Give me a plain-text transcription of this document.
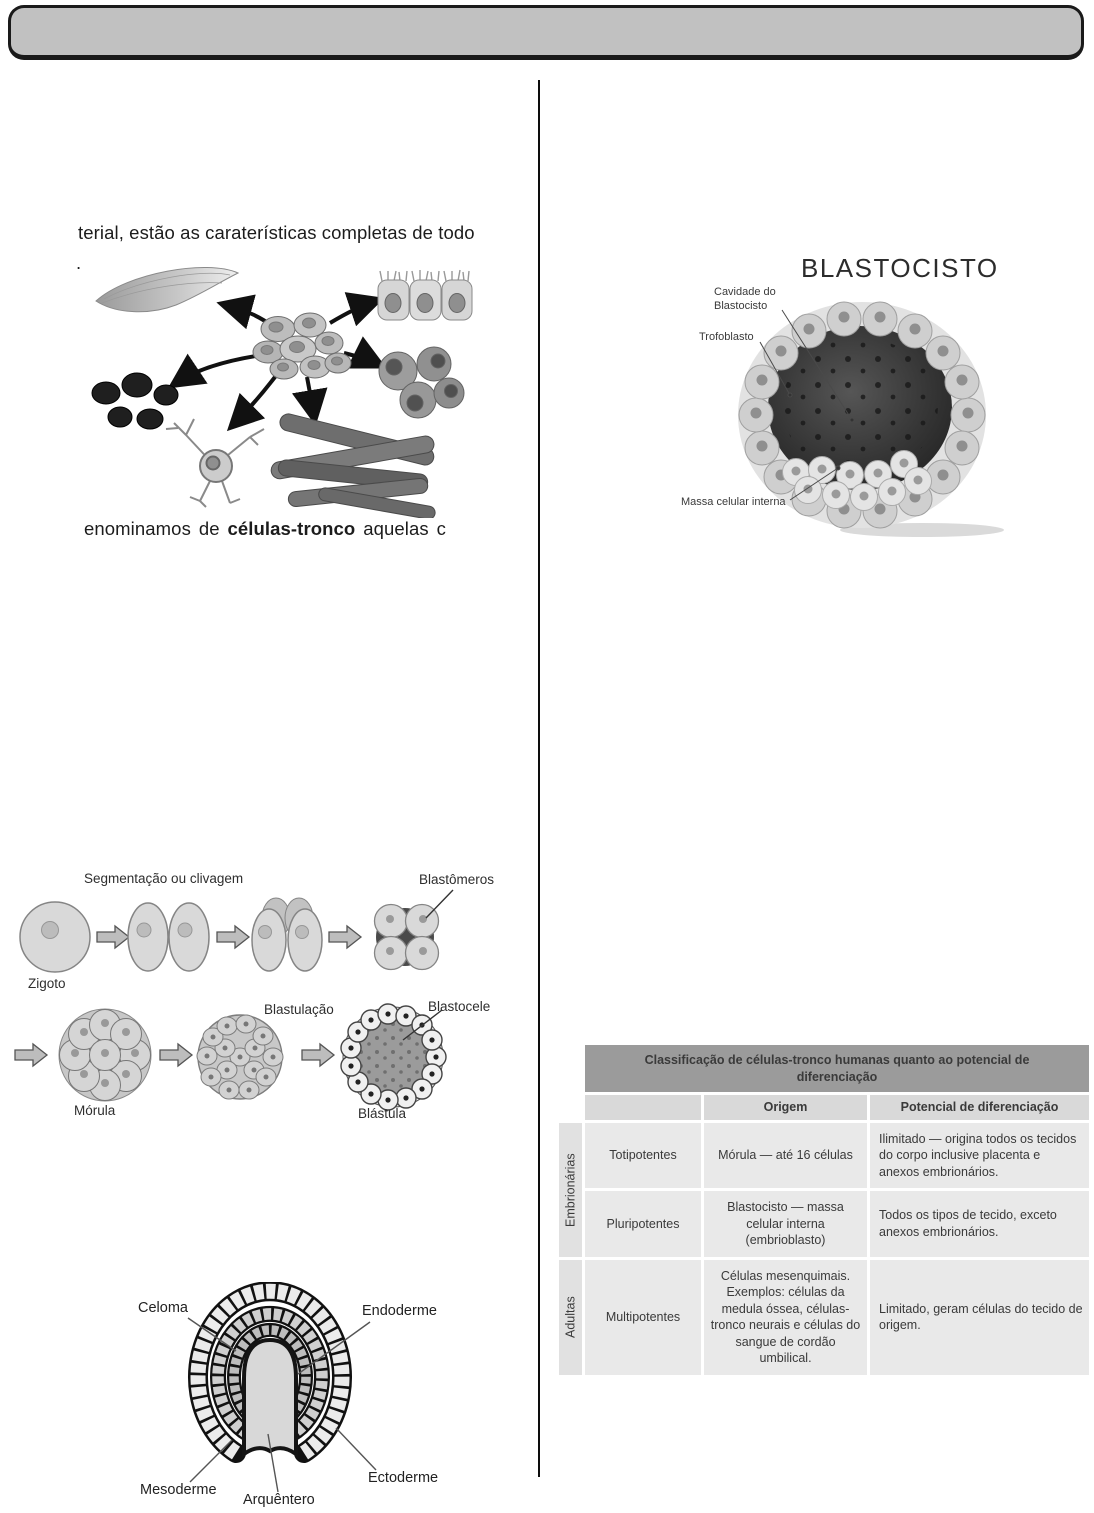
terial, estão as caraterísticas completas de todo
.
enominamos de células-tronco aquelas c
BLASTOCISTO
Cavidade do
Blastocisto
Trofoblasto
Massa celular interna
Segmentação ou clivagem	Blastômeros
Zigoto
Mórula
Blastulação
Blástula
Blastocele
Celoma	Endoderme
Mesoderme
Arquêntero
Ectoderme
	Classificação de células-tronco humanas quanto ao potencial de diferenciação		
		Origem	Potencial de diferenciação
Embrionárias	Totipotentes	Mórula — até 16 células	Ilimitado — origina todos os tecidos do corpo inclusive placenta e anexos embrionários.
	Pluripotentes	Blastocisto — massa celular interna (embrioblasto)	Todos os tipos de tecido, exceto anexos embrionários.
Adultas	Multipotentes	Células mesenquimais. Exemplos: células da medula óssea, células-tronco neurais e células do sangue de cordão umbilical.	Limitado, geram células do tecido de origem.
